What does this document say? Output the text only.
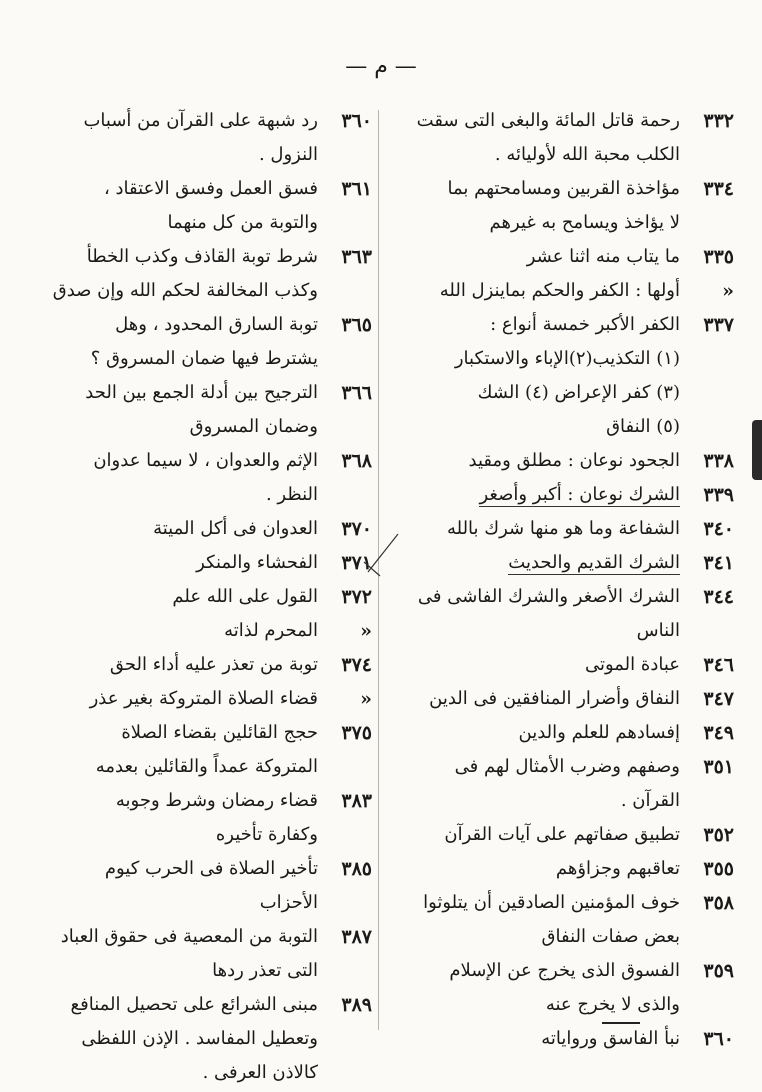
— م —
٣٣٢
رحمة قاتل المائة والبغى التى سقت
الكلب محبة الله لأوليائه .
٣٣٤
مؤاخذة القربين ومسامحتهم بما
لا يؤاخذ ويسامح به غيرهم
٣٣٥
ما يتاب منه اثنا عشر
«
أولها : الكفر والحكم بماينزل الله
٣٣٧
الكفر الأكبر خمسة أنواع :
(١) التكذيب(٢)الإباء والاستكبار
(٣) كفر الإعراض (٤) الشك
(٥) النفاق
٣٣٨
الجحود نوعان : مطلق ومقيد
٣٣٩
الشرك نوعان : أكبر وأصغر
٣٤٠
الشفاعة وما هو منها شرك بالله
٣٤١
الشرك القديم والحديث
٣٤٤
الشرك الأصغر والشرك الفاشى فى
الناس
٣٤٦
عبادة الموتى
٣٤٧
النفاق وأضرار المنافقين فى الدين
٣٤٩
إفسادهم للعلم والدين
٣٥١
وصفهم وضرب الأمثال لهم فى
القرآن .
٣٥٢
تطبيق صفاتهم على آيات القرآن
٣٥٥
تعاقبهم وجزاؤهم
٣٥٨
خوف المؤمنين الصادقين أن يتلوثوا
بعض صفات النفاق
٣٥٩
الفسوق الذى يخرج عن الإسلام
والذى لا يخرج عنه
٣٦٠
نبأ الفاسق ورواياته
٣٦٠
رد شبهة على القرآن من أسباب
النزول .
٣٦١
فسق العمل وفسق الاعتقاد ،
والتوبة من كل منهما
٣٦٣
شرط توبة القاذف وكذب الخطأ
وكذب المخالفة لحكم الله وإن صدق
٣٦٥
توبة السارق المحدود ، وهل
يشترط فيها ضمان المسروق ؟
٣٦٦
الترجيح بين أدلة الجمع بين الحد
وضمان المسروق
٣٦٨
الإثم والعدوان ، لا سيما عدوان
النظر .
٣٧٠
العدوان فى أكل الميتة
٣٧١
الفحشاء والمنكر
٣٧٢
القول على الله علم
«
المحرم لذاته
٣٧٤
توبة من تعذر عليه أداء الحق
«
قضاء الصلاة المتروكة بغير عذر
٣٧٥
حجج القائلين بقضاء الصلاة
المتروكة عمداً والقائلين بعدمه
٣٨٣
قضاء رمضان وشرط وجوبه
وكفارة تأخيره
٣٨٥
تأخير الصلاة فى الحرب كيوم
الأحزاب
٣٨٧
التوبة من المعصية فى حقوق العباد
التى تعذر ردها
٣٨٩
مبنى الشرائع على تحصيل المنافع
وتعطيل المفاسد . الإذن اللفظى
كالاذن العرفى .
